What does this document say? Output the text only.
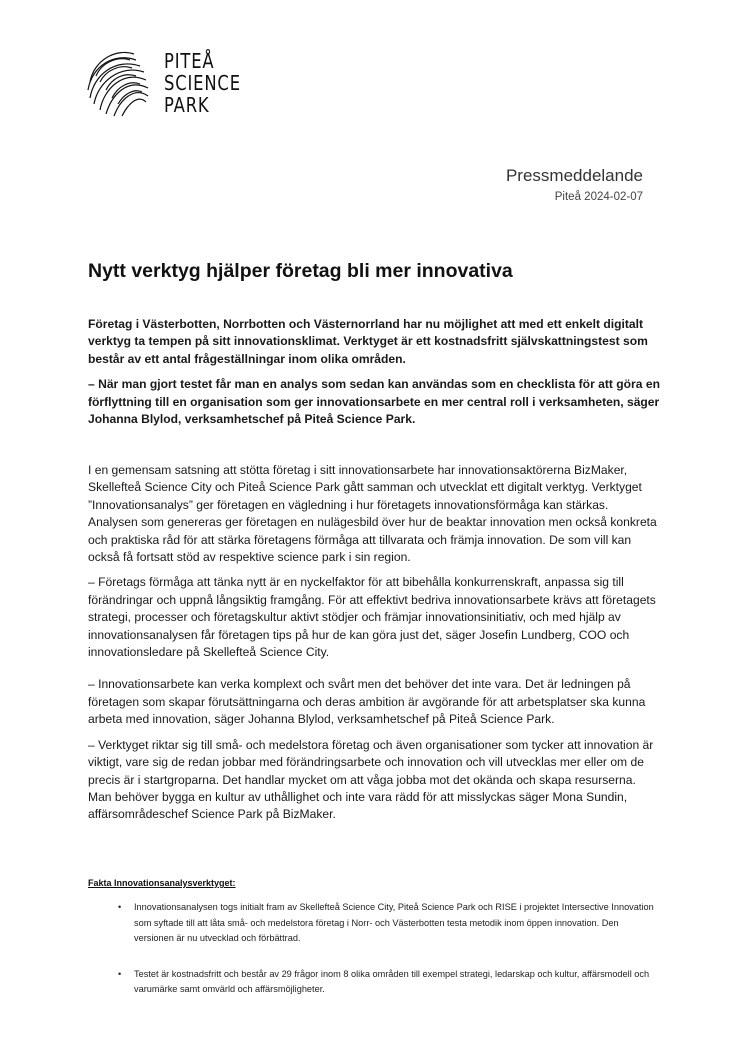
PITEÅ
SCIENCE
PARK
Pressmeddelande
Piteå 2024-02-07
Nytt verktyg hjälper företag bli mer innovativa

Företag i Västerbotten, Norrbotten och Västernorrland har nu möjlighet att med ett enkelt digitalt verktyg ta tempen på sitt innovationsklimat. Verktyget är ett kostnadsfritt självskattningstest som består av ett antal frågeställningar inom olika områden.

– När man gjort testet får man en analys som sedan kan användas som en checklista för att göra en förflyttning till en organisation som ger innovationsarbete en mer central roll i verksamheten, säger Johanna Blylod, verksamhetschef på Piteå Science Park.

I en gemensam satsning att stötta företag i sitt innovationsarbete har innovationsaktörerna BizMaker, Skellefteå Science City och Piteå Science Park gått samman och utvecklat ett digitalt verktyg. Verktyget ”Innovationsanalys” ger företagen en vägledning i hur företagets innovationsförmåga kan stärkas. Analysen som genereras ger företagen en nulägesbild över hur de beaktar innovation men också konkreta och praktiska råd för att stärka företagens förmåga att tillvarata och främja innovation. De som vill kan också få fortsatt stöd av respektive science park i sin region.

– Företags förmåga att tänka nytt är en nyckelfaktor för att bibehålla konkurrenskraft, anpassa sig till förändringar och uppnå långsiktig framgång. För att effektivt bedriva innovationsarbete krävs att företagets strategi, processer och företagskultur aktivt stödjer och främjar innovationsinitiativ, och med hjälp av innovationsanalysen får företagen tips på hur de kan göra just det, säger Josefin Lundberg, COO och innovationsledare på Skellefteå Science City.

– Innovationsarbete kan verka komplext och svårt men det behöver det inte vara. Det är ledningen på företagen som skapar förutsättningarna och deras ambition är avgörande för att arbetsplatser ska kunna arbeta med innovation, säger Johanna Blylod, verksamhetschef på Piteå Science Park.

– Verktyget riktar sig till små- och medelstora företag och även organisationer som tycker att innovation är viktigt, vare sig de redan jobbar med förändringsarbete och innovation och vill utvecklas mer eller om de precis är i startgroparna. Det handlar mycket om att våga jobba mot det okända och skapa resurserna. Man behöver bygga en kultur av uthållighet och inte vara rädd för att misslyckas säger Mona Sundin, affärsområdeschef Science Park på BizMaker.

Fakta Innovationsanalysverktyget:
• Innovationsanalysen togs initialt fram av Skellefteå Science City, Piteå Science Park och RISE i projektet Intersective Innovation som syftade till att låta små- och medelstora företag i Norr- och Västerbotten testa metodik inom öppen innovation. Den versionen är nu utvecklad och förbättrad.
• Testet är kostnadsfritt och består av 29 frågor inom 8 olika områden till exempel strategi, ledarskap och kultur, affärsmodell och varumärke samt omvärld och affärsmöjligheter.
